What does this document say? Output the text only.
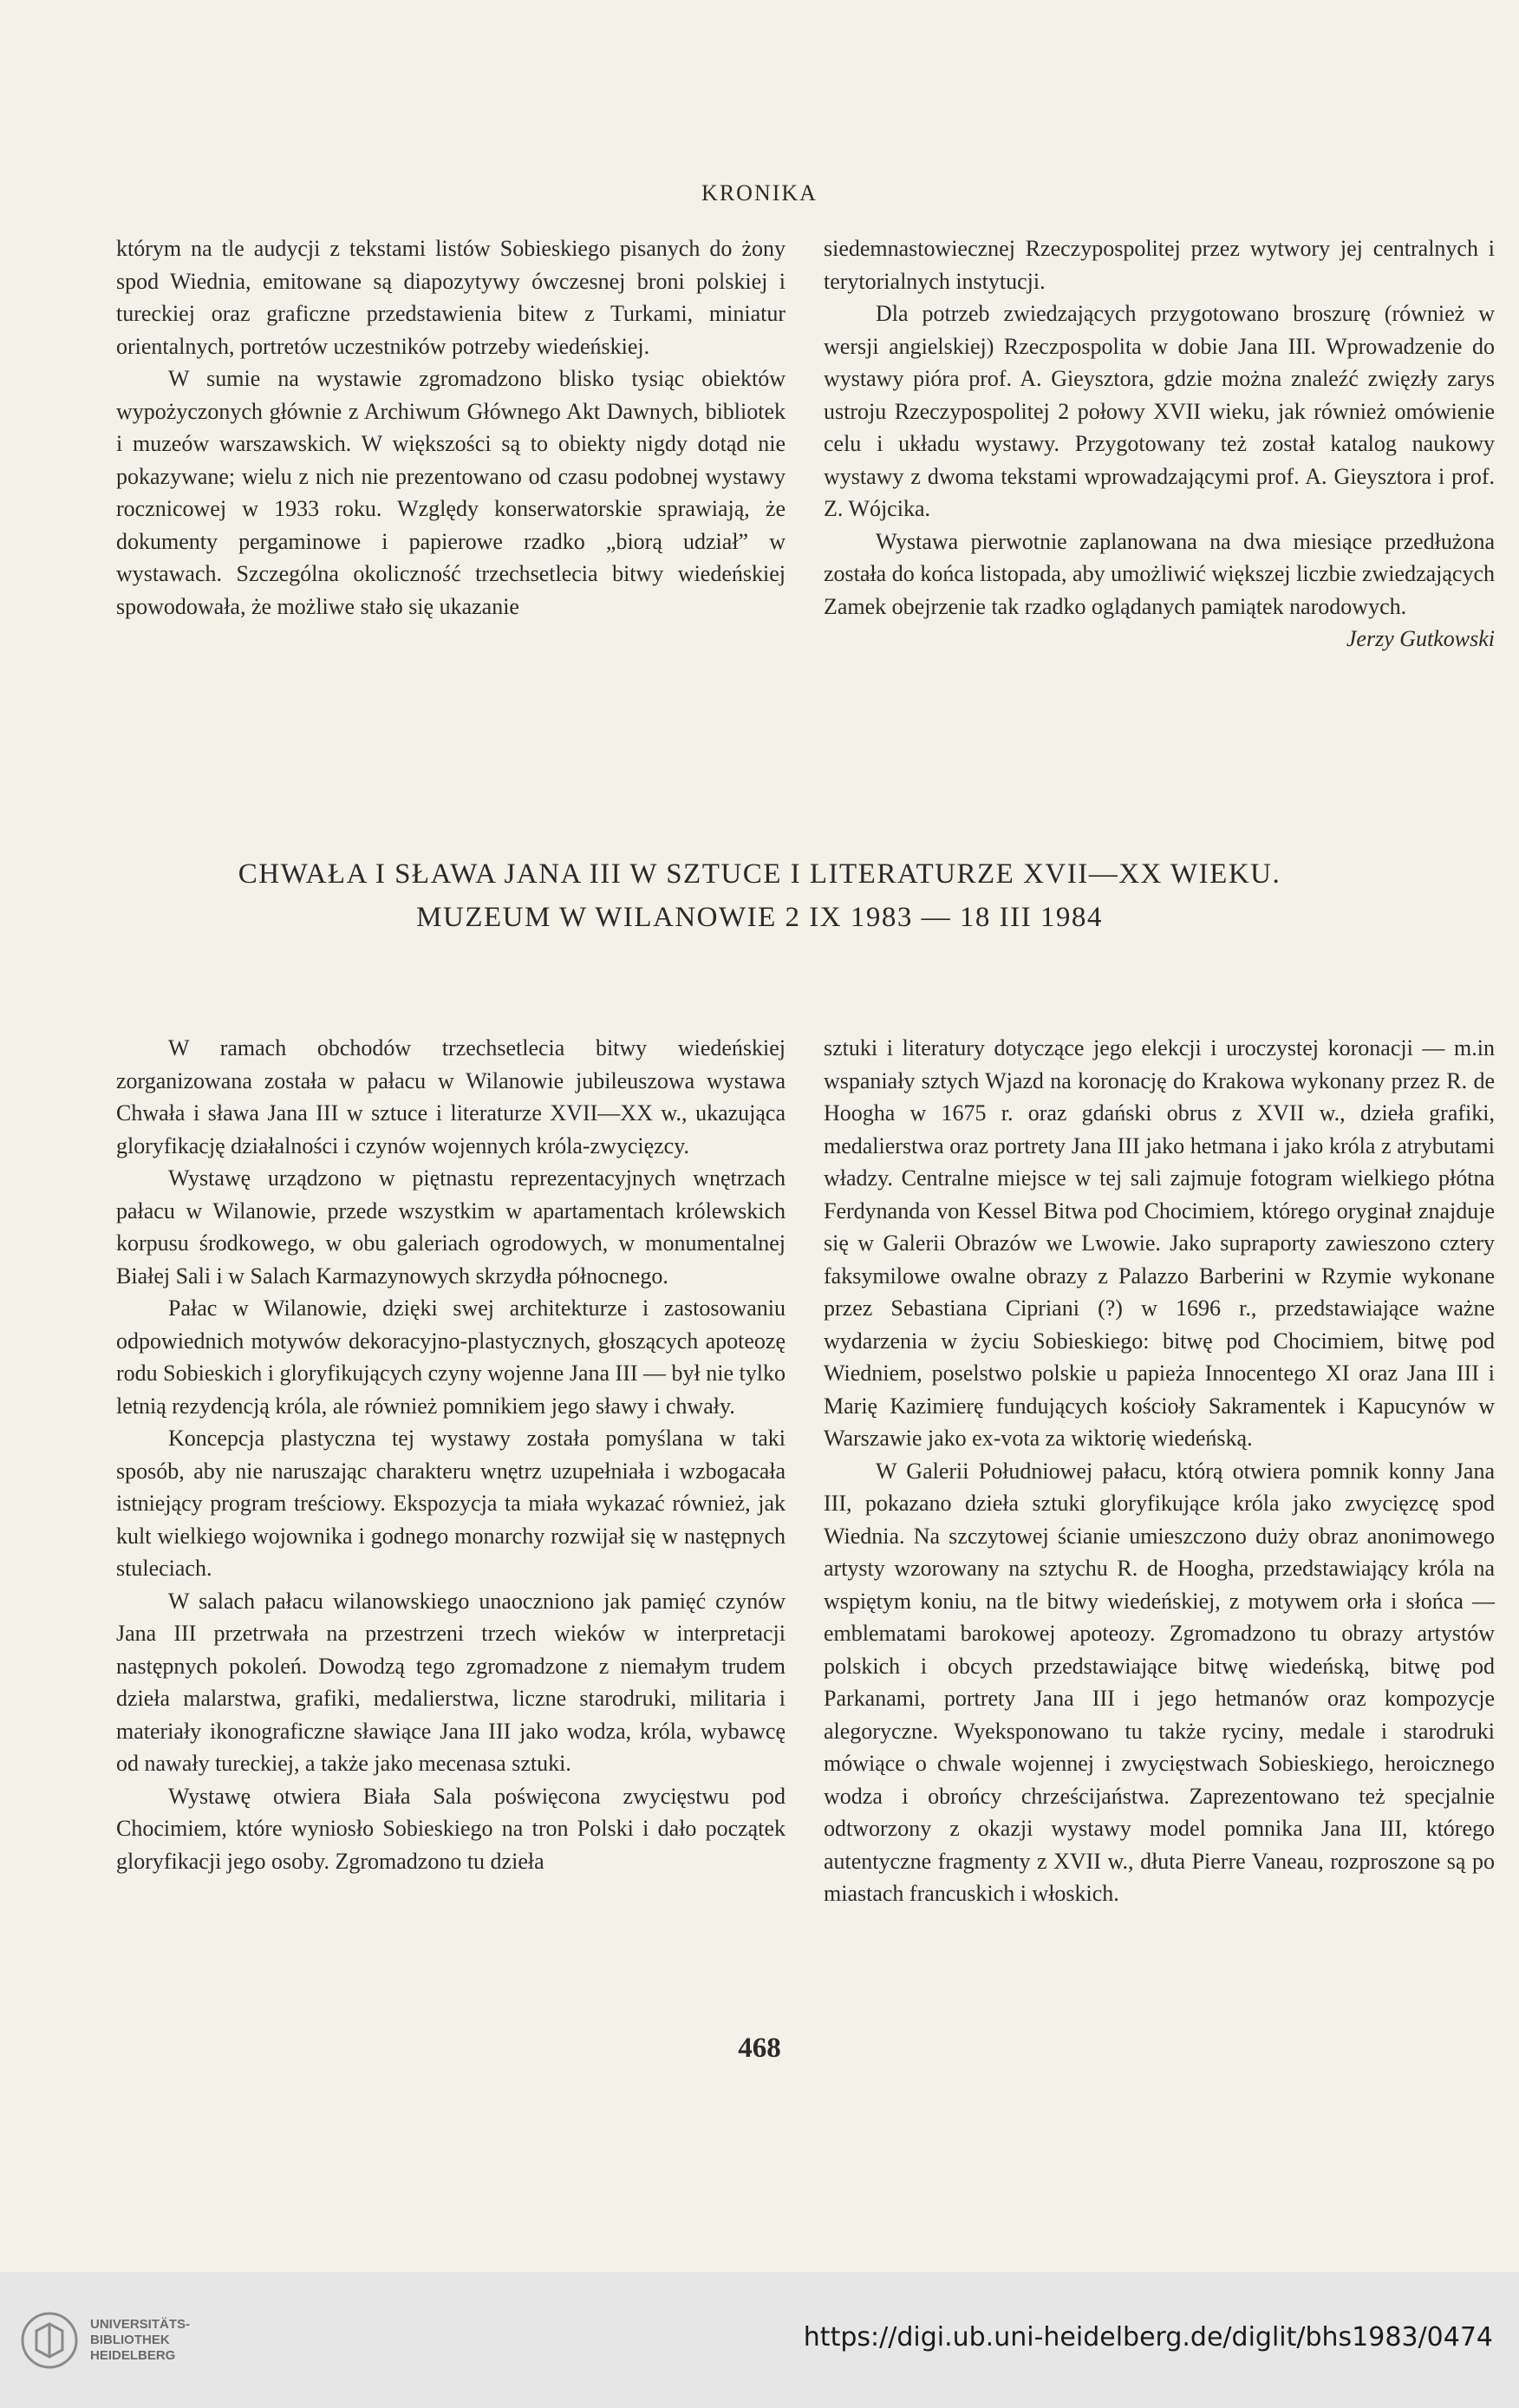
KRONIKA

którym na tle audycji z tekstami listów Sobieskiego pisanych do żony spod Wiednia, emitowane są diapozytywy ówczesnej broni polskiej i tureckiej oraz graficzne przedstawienia bitew z Turkami, miniatur orientalnych, portretów uczestników potrzeby wiedeńskiej.

W sumie na wystawie zgromadzono blisko tysiąc obiektów wypożyczonych głównie z Archiwum Głównego Akt Dawnych, bibliotek i muzeów warszawskich. W większości są to obiekty nigdy dotąd nie pokazywane; wielu z nich nie prezentowano od czasu podobnej wystawy rocznicowej w 1933 roku. Względy konserwatorskie sprawiają, że dokumenty pergaminowe i papierowe rzadko „biorą udział” w wystawach. Szczególna okoliczność trzechsetlecia bitwy wiedeńskiej spowodowała, że możliwe stało się ukazanie

siedemnastowiecznej Rzeczypospolitej przez wytwory jej centralnych i terytorialnych instytucji.

Dla potrzeb zwiedzających przygotowano broszurę (również w wersji angielskiej) Rzeczpospolita w dobie Jana III. Wprowadzenie do wystawy pióra prof. A. Gieysztora, gdzie można znaleźć zwięzły zarys ustroju Rzeczypospolitej 2 połowy XVII wieku, jak również omówienie celu i układu wystawy. Przygotowany też został katalog naukowy wystawy z dwoma tekstami wprowadzającymi prof. A. Gieysztora i prof. Z. Wójcika.

Wystawa pierwotnie zaplanowana na dwa miesiące przedłużona została do końca listopada, aby umożliwić większej liczbie zwiedzających Zamek obejrzenie tak rzadko oglądanych pamiątek narodowych.

Jerzy Gutkowski

CHWAŁA I SŁAWA JANA III W SZTUCE I LITERATURZE XVII—XX WIEKU.
MUZEUM W WILANOWIE 2 IX 1983 — 18 III 1984

W ramach obchodów trzechsetlecia bitwy wiedeńskiej zorganizowana została w pałacu w Wilanowie jubileuszowa wystawa Chwała i sława Jana III w sztuce i literaturze XVII—XX w., ukazująca gloryfikację działalności i czynów wojennych króla-zwycięzcy.

Wystawę urządzono w piętnastu reprezentacyjnych wnętrzach pałacu w Wilanowie, przede wszystkim w apartamentach królewskich korpusu środkowego, w obu galeriach ogrodowych, w monumentalnej Białej Sali i w Salach Karmazynowych skrzydła północnego.

Pałac w Wilanowie, dzięki swej architekturze i zastosowaniu odpowiednich motywów dekoracyjno-plastycznych, głoszących apoteozę rodu Sobieskich i gloryfikujących czyny wojenne Jana III — był nie tylko letnią rezydencją króla, ale również pomnikiem jego sławy i chwały.

Koncepcja plastyczna tej wystawy została pomyślana w taki sposób, aby nie naruszając charakteru wnętrz uzupełniała i wzbogacała istniejący program treściowy. Ekspozycja ta miała wykazać również, jak kult wielkiego wojownika i godnego monarchy rozwijał się w następnych stuleciach.

W salach pałacu wilanowskiego unaoczniono jak pamięć czynów Jana III przetrwała na przestrzeni trzech wieków w interpretacji następnych pokoleń. Dowodzą tego zgromadzone z niemałym trudem dzieła malarstwa, grafiki, medalierstwa, liczne starodruki, militaria i materiały ikonograficzne sławiące Jana III jako wodza, króla, wybawcę od nawały tureckiej, a także jako mecenasa sztuki.

Wystawę otwiera Biała Sala poświęcona zwycięstwu pod Chocimiem, które wyniosło Sobieskiego na tron Polski i dało początek gloryfikacji jego osoby. Zgromadzono tu dzieła

sztuki i literatury dotyczące jego elekcji i uroczystej koronacji — m.in wspaniały sztych Wjazd na koronację do Krakowa wykonany przez R. de Hoogha w 1675 r. oraz gdański obrus z XVII w., dzieła grafiki, medalierstwa oraz portrety Jana III jako hetmana i jako króla z atrybutami władzy. Centralne miejsce w tej sali zajmuje fotogram wielkiego płótna Ferdynanda von Kessel Bitwa pod Chocimiem, którego oryginał znajduje się w Galerii Obrazów we Lwowie. Jako supraporty zawieszono cztery faksymilowe owalne obrazy z Palazzo Barberini w Rzymie wykonane przez Sebastiana Cipriani (?) w 1696 r., przedstawiające ważne wydarzenia w życiu Sobieskiego: bitwę pod Chocimiem, bitwę pod Wiedniem, poselstwo polskie u papieża Innocentego XI oraz Jana III i Marię Kazimierę fundujących kościoły Sakramentek i Kapucynów w Warszawie jako ex-vota za wiktorię wiedeńską.

W Galerii Południowej pałacu, którą otwiera pomnik konny Jana III, pokazano dzieła sztuki gloryfikujące króla jako zwycięzcę spod Wiednia. Na szczytowej ścianie umieszczono duży obraz anonimowego artysty wzorowany na sztychu R. de Hoogha, przedstawiający króla na wspiętym koniu, na tle bitwy wiedeńskiej, z motywem orła i słońca — emblematami barokowej apoteozy. Zgromadzono tu obrazy artystów polskich i obcych przedstawiające bitwę wiedeńską, bitwę pod Parkanami, portrety Jana III i jego hetmanów oraz kompozycje alegoryczne. Wyeksponowano tu także ryciny, medale i starodruki mówiące o chwale wojennej i zwycięstwach Sobieskiego, heroicznego wodza i obrońcy chrześcijaństwa. Zaprezentowano też specjalnie odtworzony z okazji wystawy model pomnika Jana III, którego autentyczne fragmenty z XVII w., dłuta Pierre Vaneau, rozproszone są po miastach francuskich i włoskich.

468
UNIVERSITÄTS-
BIBLIOTHEK
HEIDELBERG
https://digi.ub.uni-heidelberg.de/diglit/bhs1983/0474
